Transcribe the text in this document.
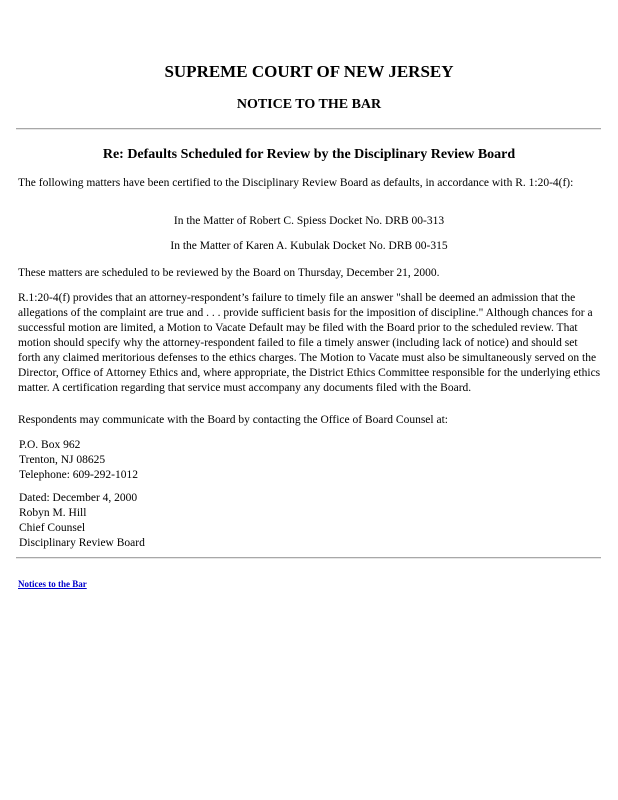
SUPREME COURT OF NEW JERSEY
NOTICE TO THE BAR
Re: Defaults Scheduled for Review by the Disciplinary Review Board

The following matters have been certified to the Disciplinary Review Board as defaults, in accordance with R. 1:20-4(f):

In the Matter of Robert C. Spiess Docket No. DRB 00-313

In the Matter of Karen A. Kubulak Docket No. DRB 00-315

These matters are scheduled to be reviewed by the Board on Thursday, December 21, 2000.

R.1:20-4(f) provides that an attorney-respondent’s failure to timely file an answer "shall be deemed an admission that the allegations of the complaint are true and . . . provide sufficient basis for the imposition of discipline." Although chances for a successful motion are limited, a Motion to Vacate Default may be filed with the Board prior to the scheduled review. That motion should specify why the attorney-respondent failed to file a timely answer (including lack of notice) and should set forth any claimed meritorious defenses to the ethics charges. The Motion to Vacate must also be simultaneously served on the Director, Office of Attorney Ethics and, where appropriate, the District Ethics Committee responsible for the underlying ethics matter. A certification regarding that service must accompany any documents filed with the Board.

Respondents may communicate with the Board by contacting the Office of Board Counsel at:

P.O. Box 962
Trenton, NJ 08625
Telephone: 609-292-1012
Dated: December 4, 2000
Robyn M. Hill
Chief Counsel
Disciplinary Review Board
Notices to the Bar
